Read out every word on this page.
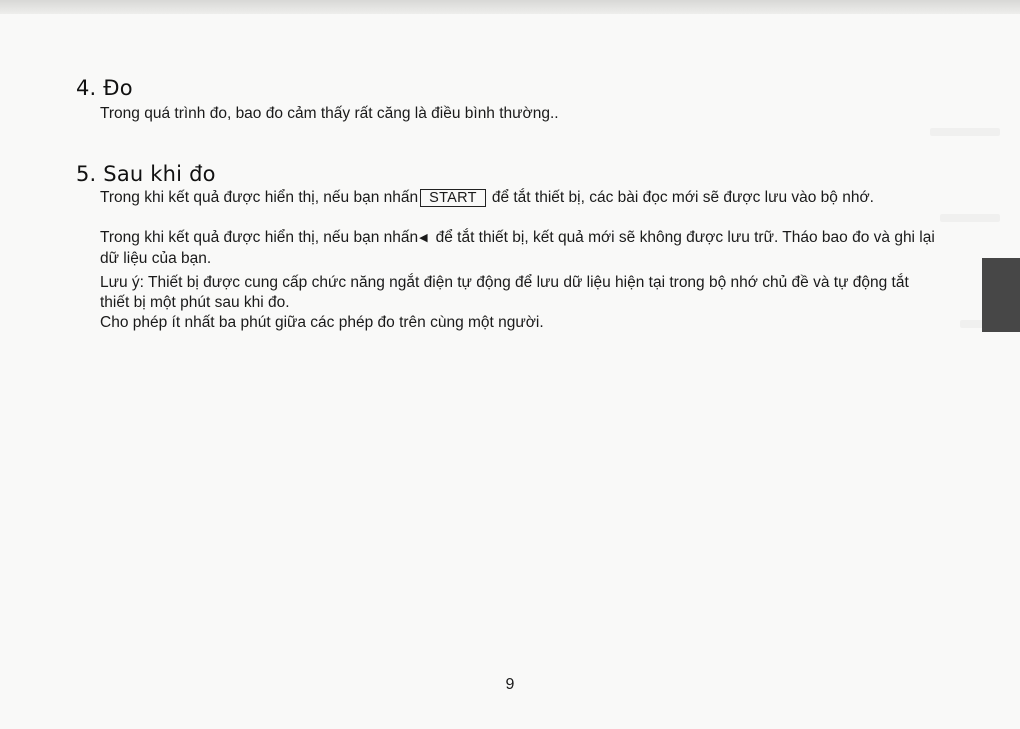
4. Đo

Trong quá trình đo, bao đo cảm thấy rất căng là điều bình thường..

5. Sau khi đo

Trong khi kết quả được hiển thị, nếu bạn nhấn START để tắt thiết bị, các bài đọc mới sẽ được lưu vào bộ nhớ.

Trong khi kết quả được hiển thị, nếu bạn nhấn◀ để tắt thiết bị, kết quả mới sẽ không được lưu trữ. Tháo bao đo và ghi lại dữ liệu của bạn.

Lưu ý: Thiết bị được cung cấp chức năng ngắt điện tự động để lưu dữ liệu hiện tại trong bộ nhớ chủ đề và tự động tắt thiết bị một phút sau khi đo.

Cho phép ít nhất ba phút giữa các phép đo trên cùng một người.

9
